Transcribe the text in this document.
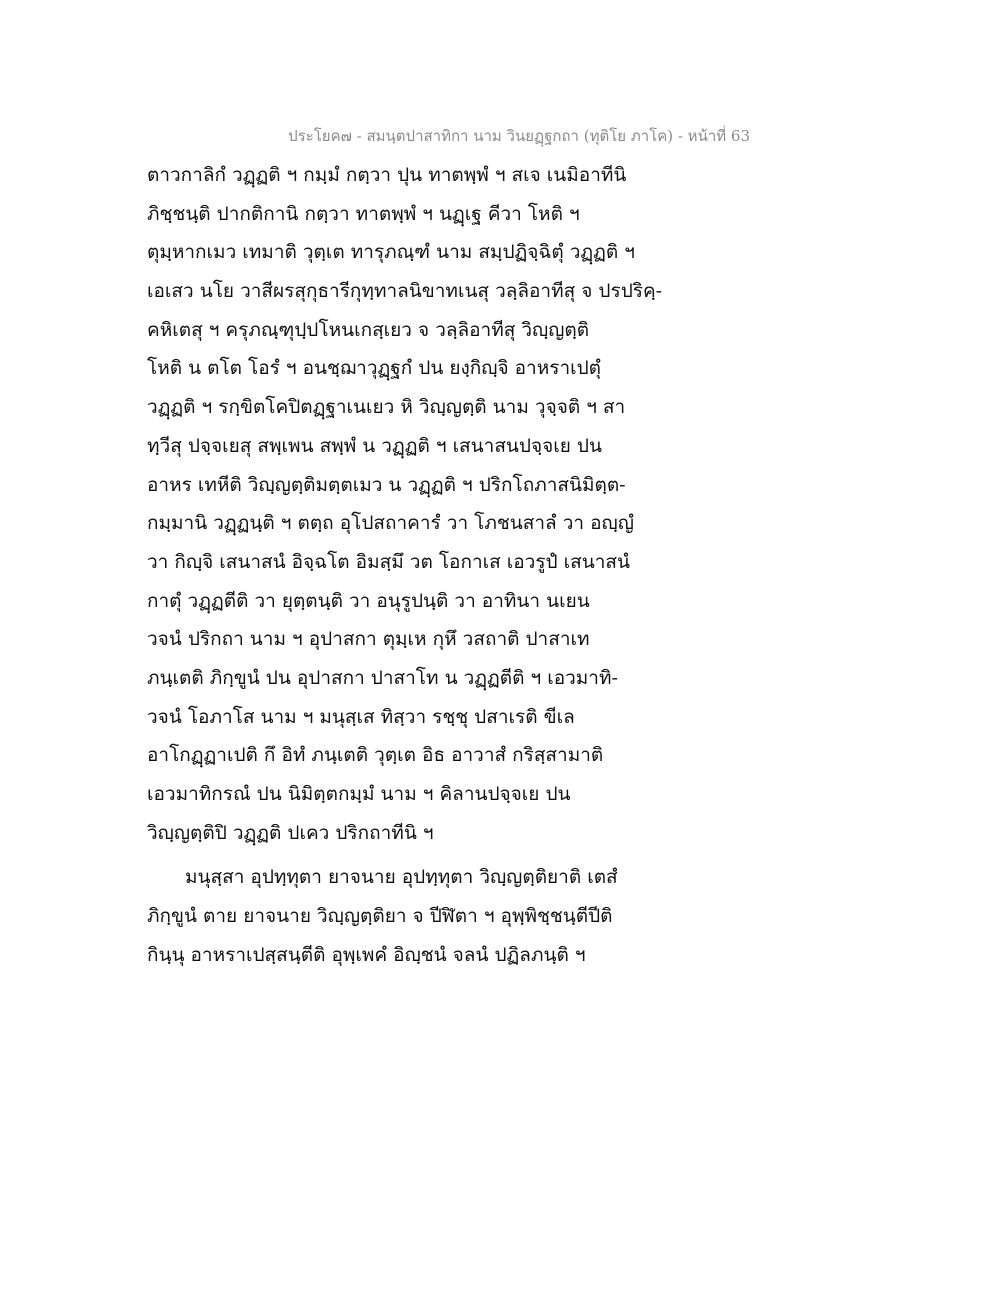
ประโยค๗ - สมนฺตปาสาทิกา นาม วินยฏฺฐกถา (ทุติโย ภาโค) - หน้าที่ 63
ตาวกาลิกํ วฏฺฏติ ฯ กมฺมํ กตฺวา ปุน ทาตพฺพํ ฯ สเจ เนมิอาทีนิ
ภิชฺชนฺติ ปากติกานิ กตฺวา ทาตพฺพํ ฯ นฏฺเฐ คีวา โหติ ฯ
ตุมฺหากเมว เทมาติ วุตฺเต ทารุภณฺฑํ นาม สมฺปฏิจฺฉิตุํ วฏฺฏติ ฯ
เอเสว นโย วาสีผรสุกุธารีกุทฺทาลนิขาทเนสุ วลฺลิอาทีสุ จ ปรปริคฺ-
คหิเตสุ ฯ ครุภณฺฑุปฺปโหนเกสฺเยว จ วลฺลิอาทีสุ วิญฺญตฺติ
โหติ น ตโต โอรํ ฯ อนชฺฌาวุฏฺฐกํ ปน ยงฺกิญฺจิ อาหราเปตุํ
วฏฺฏติ ฯ รกฺขิตโคปิตฏฺฐาเนเยว หิ วิญฺญตฺติ นาม วุจฺจติ ฯ สา
ทฺวีสุ ปจฺจเยสุ สพฺเพน สพฺพํ น วฏฺฏติ ฯ เสนาสนปจฺจเย ปน
อาหร เทหีติ วิญฺญตฺติมตฺตเมว น วฏฺฏติ ฯ ปริกโถภาสนิมิตฺต-
กมฺมานิ วฏฺฏนฺติ ฯ ตตฺถ อุโปสถาคารํ วา โภชนสาลํ วา อญฺญํ
วา กิญฺจิ เสนาสนํ อิจฺฉโต อิมสฺมึ วต โอกาเส เอวรูปํ เสนาสนํ
กาตุํ วฏฺฏตีติ วา ยุตฺตนฺติ วา อนุรูปนฺติ วา อาทินา นเยน
วจนํ ปริกถา นาม ฯ อุปาสกา ตุมฺเห กุหึ วสถาติ ปาสาเท
ภนฺเตติ ภิกฺขูนํ ปน อุปาสกา ปาสาโท น วฏฺฏตีติ ฯ เอวมาทิ-
วจนํ โอภาโส นาม ฯ มนุสฺเส ทิสฺวา รชฺชุ ปสาเรติ ขีเล
อาโกฏฺฏาเปติ กึ อิทํ ภนฺเตติ วุตฺเต อิธ อาวาสํ กริสฺสามาติ
เอวมาทิกรณํ ปน นิมิตฺตกมฺมํ นาม ฯ คิลานปจฺจเย ปน
วิญฺญตฺติปิ วฏฺฏติ ปเคว ปริกถาทีนิ ฯ
มนุสฺสา อุปทฺทุตา ยาจนาย อุปทฺทุตา วิญฺญตฺติยาติ เตสํ
ภิกฺขูนํ ตาย ยาจนาย วิญฺญตฺติยา จ ปีฬิตา ฯ อุพฺพิชฺชนฺตีปีติ
กินฺนุ อาหราเปสฺสนฺตีติ อุพฺเพคํ อิญฺชนํ จลนํ ปฏิลภนฺติ ฯ
